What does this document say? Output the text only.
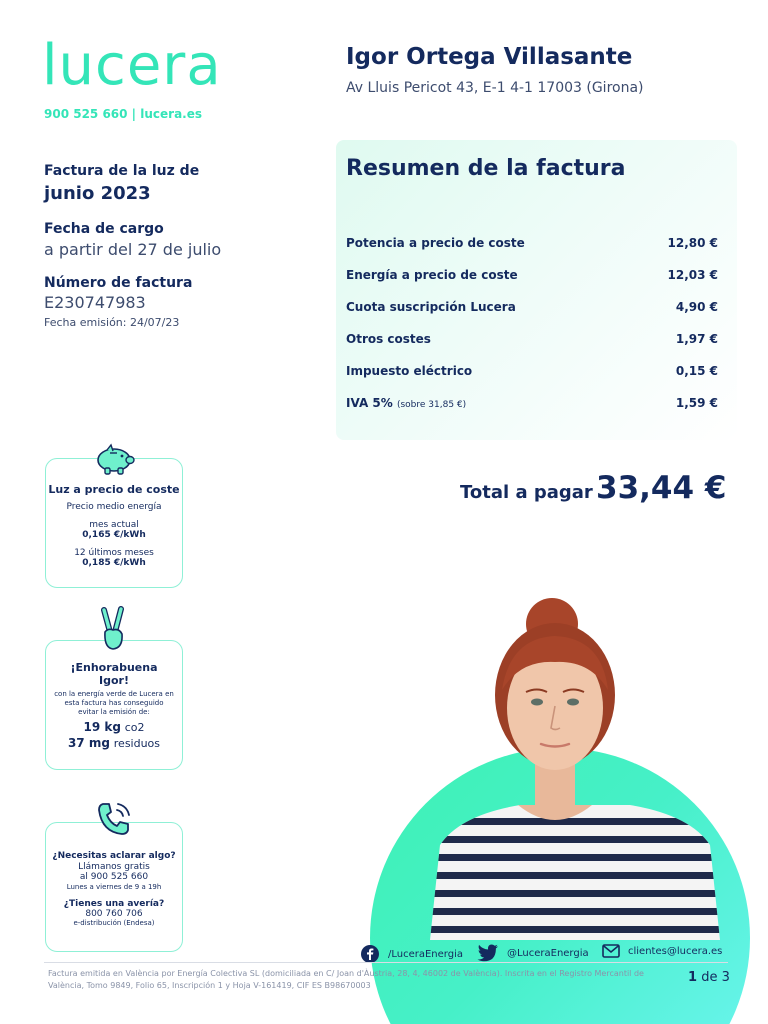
lucera
900 525 660 | lucera.es
Igor Ortega Villasante
Av Lluis Pericot 43, E-1 4-1 17003 (Girona)
Factura de la luz de
junio 2023
Fecha de cargo
a partir del 27 de julio
Número de factura
E230747983
Fecha emisión: 24/07/23
Resumen de la factura
Potencia a precio de coste	12,80 €
Energía a precio de coste	12,03 €
Cuota suscripción Lucera	4,90 €
Otros costes	1,97 €
Impuesto eléctrico	0,15 €
IVA 5% (sobre 31,85 €)	1,59 €
Total a pagar 33,44 €
Luz a precio de coste
Precio medio energía
mes actual
0,165 €/kWh
12 últimos meses
0,185 €/kWh
¡Enhorabuena Igor!
con la energía verde de Lucera en esta factura has conseguido evitar la emisión de:
19 kg co2
37 mg residuos
¿Necesitas aclarar algo?
Llámanos gratis
al 900 525 660
Lunes a viernes de 9 a 19h
¿Tienes una avería?
800 760 706
e-distribución (Endesa)
/LuceraEnergia	@LuceraEnergia	clientes@lucera.es
Factura emitida en València por Energía Colectiva SL (domiciliada en C/ Joan d'Àustria, 28, 4, 46002 de València). Inscrita en el Registro Mercantil de València, Tomo 9849, Folio 65, Inscripción 1 y Hoja V-161419, CIF ES B98670003
1 de 3
